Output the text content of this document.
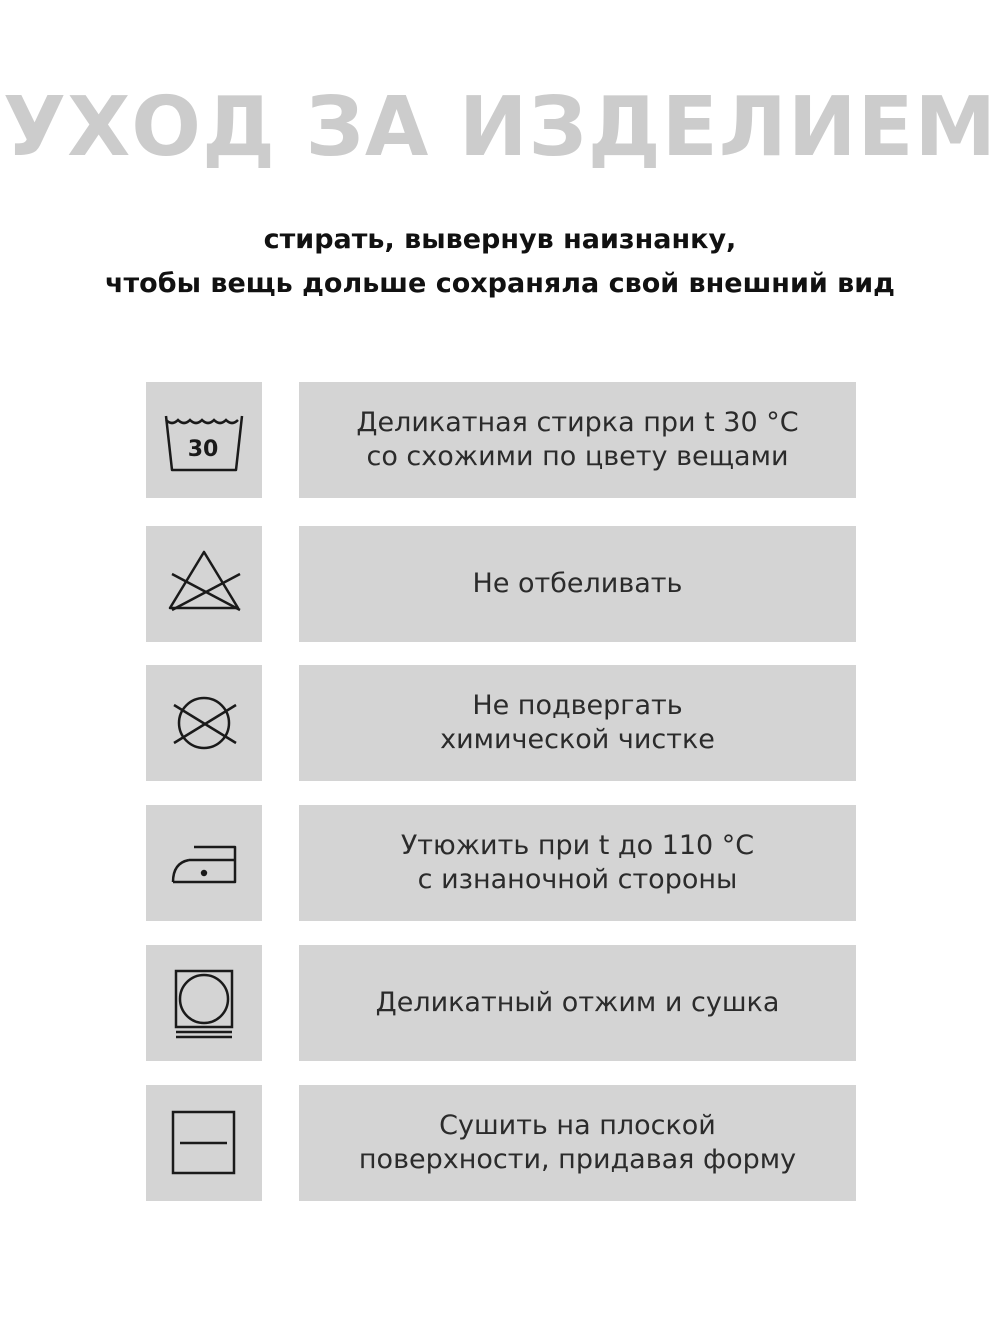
УХОД ЗА ИЗДЕЛИЕМ
стирать, вывернув наизнанку,
чтобы вещь дольше сохраняла свой внешний вид
30
Деликатная стирка при t 30 °C
со схожими по цвету вещами
Не отбеливать
Не подвергать
химической чистке
Утюжить при t до 110 °C
с изнаночной стороны
Деликатный отжим и сушка
Сушить на плоской
поверхности, придавая форму
